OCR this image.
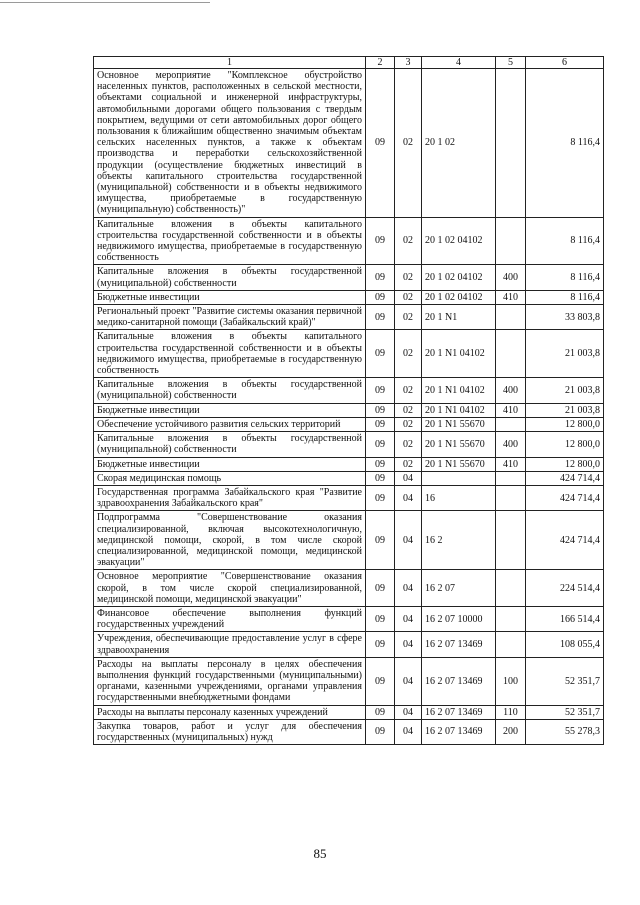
1	2	3	4	5	6
Основное мероприятие "Комплексное обустройство населенных пунктов, расположенных в сельской местности, объектами социальной и инженерной инфраструктуры, автомобильными дорогами общего пользования с твердым покрытием, ведущими от сети автомобильных дорог общего пользования к ближайшим общественно значимым объектам сельских населенных пунктов, а также к объектам производства и переработки сельскохозяйственной продукции (осуществление бюджетных инвестиций в объекты капитального строительства государственной (муниципальной) собственности и в объекты недвижимого имущества, приобретаемые в государственную (муниципальную) собственность)"	09	02	20 1 02		8 116,4
Капитальные вложения в объекты капитального строительства государственной собственности и в объекты недвижимого имущества, приобретаемые в государственную собственность	09	02	20 1 02 04102		8 116,4
Капитальные вложения в объекты государственной (муниципальной) собственности	09	02	20 1 02 04102	400	8 116,4
Бюджетные инвестиции	09	02	20 1 02 04102	410	8 116,4
Региональный проект "Развитие системы оказания первичной медико-санитарной помощи (Забайкальский край)"	09	02	20 1 N1		33 803,8
Капитальные вложения в объекты капитального строительства государственной собственности и в объекты недвижимого имущества, приобретаемые в государственную собственность	09	02	20 1 N1 04102		21 003,8
Капитальные вложения в объекты государственной (муниципальной) собственности	09	02	20 1 N1 04102	400	21 003,8
Бюджетные инвестиции	09	02	20 1 N1 04102	410	21 003,8
Обеспечение устойчивого развития сельских территорий	09	02	20 1 N1 55670		12 800,0
Капитальные вложения в объекты государственной (муниципальной) собственности	09	02	20 1 N1 55670	400	12 800,0
Бюджетные инвестиции	09	02	20 1 N1 55670	410	12 800,0
Скорая медицинская помощь	09	04			424 714,4
Государственная программа Забайкальского края "Развитие здравоохранения Забайкальского края"	09	04	16		424 714,4
Подпрограмма "Совершенствование оказания специализированной, включая высокотехнологичную, медицинской помощи, скорой, в том числе скорой специализированной, медицинской помощи, медицинской эвакуации"	09	04	16 2		424 714,4
Основное мероприятие "Совершенствование оказания скорой, в том числе скорой специализированной, медицинской помощи, медицинской эвакуации"	09	04	16 2 07		224 514,4
Финансовое обеспечение выполнения функций государственных учреждений	09	04	16 2 07 10000		166 514,4
Учреждения, обеспечивающие предоставление услуг в сфере здравоохранения	09	04	16 2 07 13469		108 055,4
Расходы на выплаты персоналу в целях обеспечения выполнения функций государственными (муниципальными) органами, казенными учреждениями, органами управления государственными внебюджетными фондами	09	04	16 2 07 13469	100	52 351,7
Расходы на выплаты персоналу казенных учреждений	09	04	16 2 07 13469	110	52 351,7
Закупка товаров, работ и услуг для обеспечения государственных (муниципальных) нужд	09	04	16 2 07 13469	200	55 278,3
85
